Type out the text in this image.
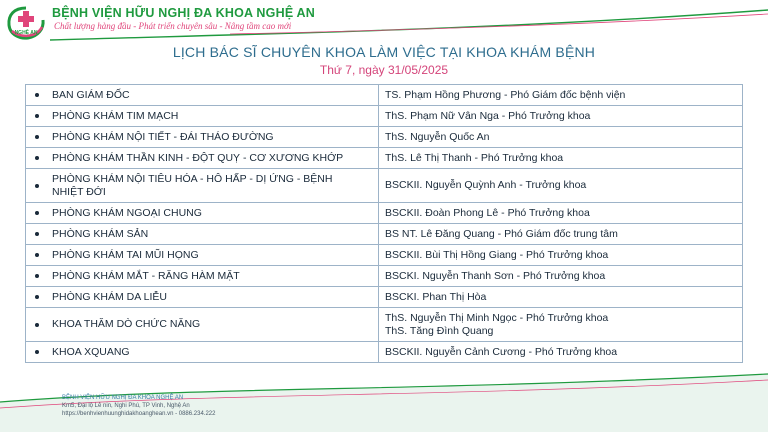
NGHỆ AN
BỆNH VIỆN HỮU NGHỊ ĐA KHOA NGHỆ AN
Chất lượng hàng đầu - Phát triển chuyên sâu - Nâng tầm cao mới
LỊCH BÁC SĨ CHUYÊN KHOA LÀM VIỆC TẠI KHOA KHÁM BỆNH
Thứ 7, ngày 31/05/2025
BAN GIÁM ĐỐC	TS. Phạm Hồng Phương - Phó Giám đốc bệnh viện

PHÒNG KHÁM TIM MẠCH	ThS. Phạm Nữ Vân Nga - Phó Trưởng khoa

PHÒNG KHÁM NỘI TIẾT - ĐÁI THÁO ĐƯỜNG	ThS. Nguyễn Quốc An

PHÒNG KHÁM THẦN KINH - ĐỘT QUỴ - CƠ XƯƠNG KHỚP	ThS. Lê Thị Thanh - Phó Trưởng khoa

PHÒNG KHÁM NỘI TIÊU HÓA - HÔ HẤP - DỊ ỨNG - BỆNH
NHIỆT ĐỚI	BSCKII. Nguyễn Quỳnh Anh - Trưởng khoa

PHÒNG KHÁM NGOẠI CHUNG	BSCKII. Đoàn Phong Lê - Phó Trưởng khoa

PHÒNG KHÁM SẢN	BS NT. Lê Đăng Quang - Phó Giám đốc trung tâm

PHÒNG KHÁM TAI MŨI HỌNG	BSCKII. Bùi Thị Hồng Giang - Phó Trưởng khoa

PHÒNG KHÁM MẮT - RĂNG HÀM MẶT	BSCKI. Nguyễn Thanh Sơn - Phó Trưởng khoa

PHÒNG KHÁM DA LIỄU	BSCKI. Phan Thị Hòa

KHOA THĂM DÒ CHỨC NĂNG	ThS. Nguyễn Thị Minh Ngọc - Phó Trưởng khoa
ThS. Tăng Đình Quang

KHOA XQUANG	BSCKII. Nguyễn Cảnh Cương - Phó Trưởng khoa
BỆNH VIỆN HỮU NGHỊ ĐA KHOA NGHỆ AN
Km5, Đại lộ Lê nin, Nghi Phú, TP Vinh, Nghệ An
https://benhvienhuunghidakhoanghean.vn - 0886.234.222
